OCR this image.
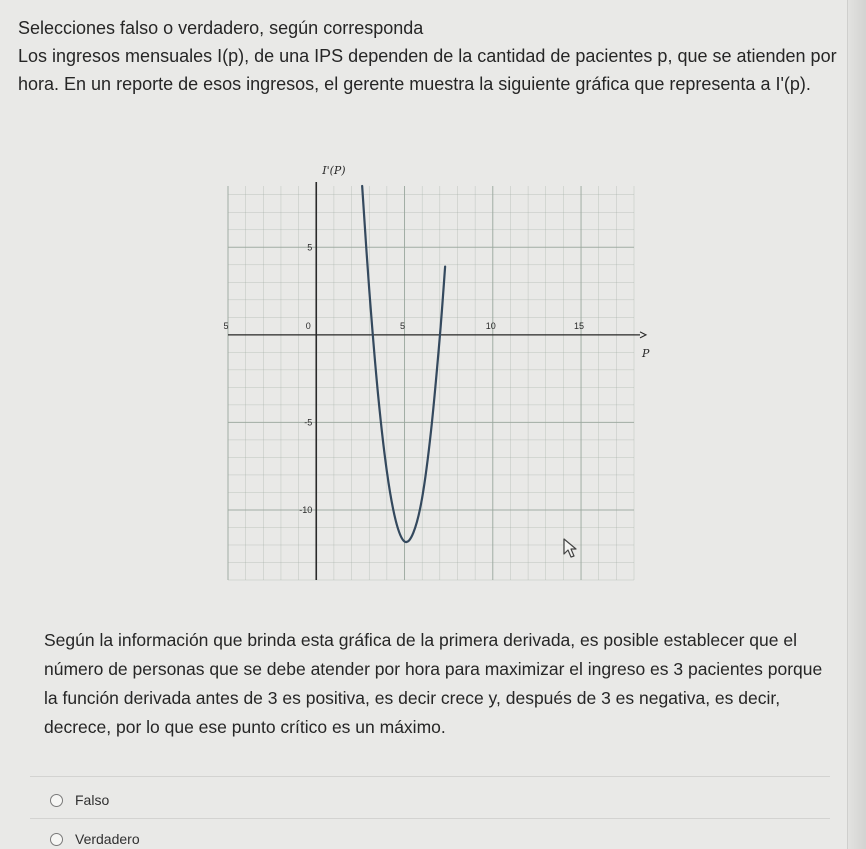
Selecciones falso o verdadero, según corresponda

Los ingresos mensuales I(p), de una IPS dependen de la cantidad de pacientes p, que se atienden por hora. En un reporte de esos ingresos, el gerente muestra la siguiente gráfica que representa a I'(p).

I'(P)
P
5	0	5	10	15
5
-5
-10
Según la información que brinda esta gráfica de la primera derivada, es posible establecer que el número de personas que se debe atender por hora para maximizar el ingreso es 3 pacientes porque la función derivada antes de 3 es positiva, es decir crece y, después de 3 es negativa, es decir, decrece, por lo que ese punto crítico es un máximo.
Falso
Verdadero
